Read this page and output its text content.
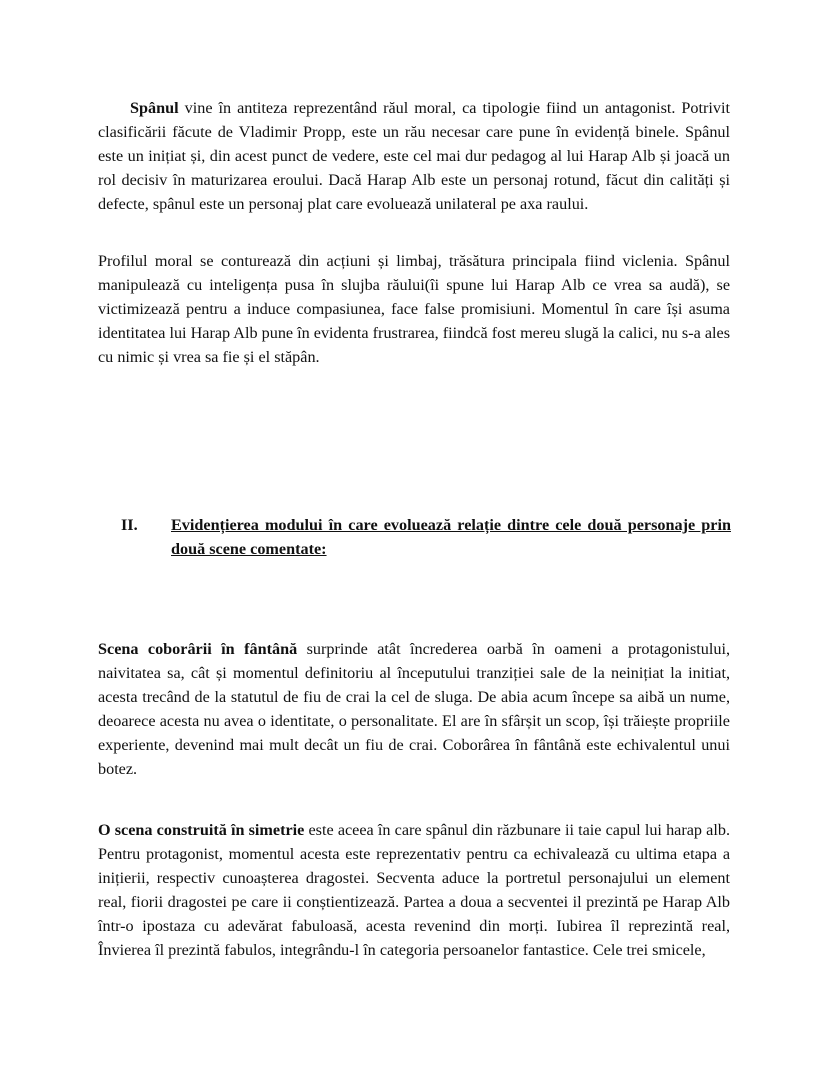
Spânul vine în antiteza reprezentând răul moral, ca tipologie fiind un antagonist. Potrivit clasificării făcute de Vladimir Propp, este un rău necesar care pune în evidență binele. Spânul este un inițiat și, din acest punct de vedere, este cel mai dur pedagog al lui Harap Alb și joacă un rol decisiv în maturizarea eroului. Dacă Harap Alb este un personaj rotund, făcut din calități și defecte, spânul este un personaj plat care evoluează unilateral pe axa raului.

Profilul moral se conturează din acțiuni și limbaj, trăsătura principala fiind viclenia. Spânul manipulează cu inteligența pusa în slujba răului(îi spune lui Harap Alb ce vrea sa audă), se victimizează pentru a induce compasiunea, face false promisiuni. Momentul în care își asuma identitatea lui Harap Alb pune în evidenta frustrarea, fiindcă fost mereu slugă la calici, nu s-a ales cu nimic și vrea sa fie și el stăpân.

II. Evidențierea modului în care evoluează relație dintre cele două personaje prin două scene comentate:

Scena coborârii în fântână surprinde atât încrederea oarbă în oameni a protagonistului, naivitatea sa, cât și momentul definitoriu al începutului tranziției sale de la neinițiat la initiat, acesta trecând de la statutul de fiu de crai la cel de sluga. De abia acum începe sa aibă un nume, deoarece acesta nu avea o identitate, o personalitate. El are în sfârșit un scop, își trăiește propriile experiente, devenind mai mult decât un fiu de crai. Coborârea în fântână este echivalentul unui botez.

O scena construită în simetrie este aceea în care spânul din răzbunare ii taie capul lui harap alb. Pentru protagonist, momentul acesta este reprezentativ pentru ca echivalează cu ultima etapa a inițierii, respectiv cunoașterea dragostei. Secventa aduce la portretul personajului un element real, fiorii dragostei pe care ii conștientizează. Partea a doua a secventei il prezintă pe Harap Alb într-o ipostaza cu adevărat fabuloasă, acesta revenind din morți. Iubirea îl reprezintă real, Învierea îl prezintă fabulos, integrându-l în categoria persoanelor fantastice. Cele trei smicele,
